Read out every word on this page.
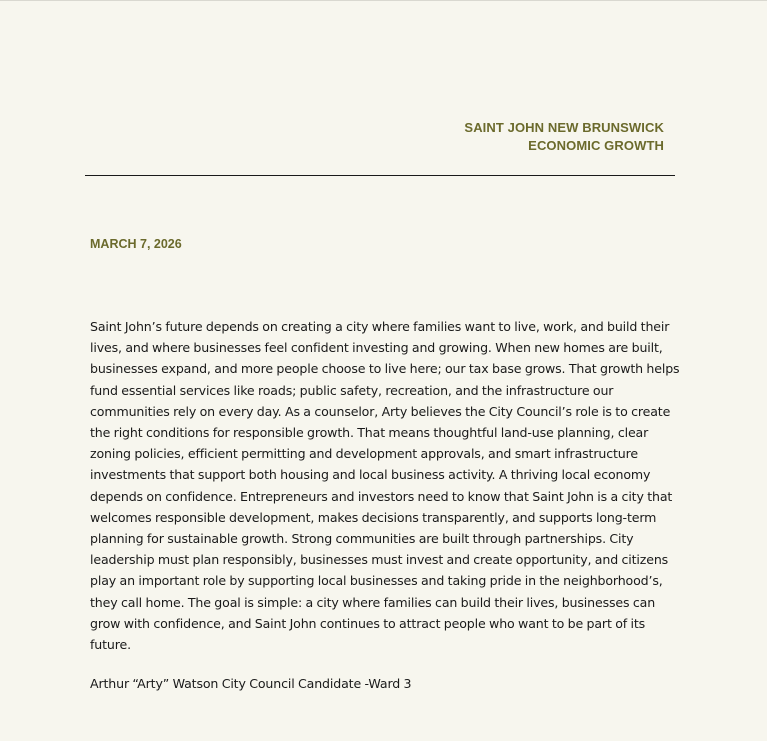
SAINT JOHN NEW BRUNSWICK
ECONOMIC GROWTH
MARCH 7, 2026
Saint John’s future depends on creating a city where families want to live, work, and build their
lives, and where businesses feel confident investing and growing. When new homes are built,
businesses expand, and more people choose to live here; our tax base grows. That growth helps
fund essential services like roads; public safety, recreation, and the infrastructure our
communities rely on every day. As a counselor, Arty believes the City Council’s role is to create
the right conditions for responsible growth. That means thoughtful land-use planning, clear
zoning policies, efficient permitting and development approvals, and smart infrastructure
investments that support both housing and local business activity. A thriving local economy
depends on confidence. Entrepreneurs and investors need to know that Saint John is a city that
welcomes responsible development, makes decisions transparently, and supports long-term
planning for sustainable growth. Strong communities are built through partnerships. City
leadership must plan responsibly, businesses must invest and create opportunity, and citizens
play an important role by supporting local businesses and taking pride in the neighborhood’s,
they call home. The goal is simple: a city where families can build their lives, businesses can
grow with confidence, and Saint John continues to attract people who want to be part of its
future.
Arthur “Arty” Watson City Council Candidate -Ward 3
